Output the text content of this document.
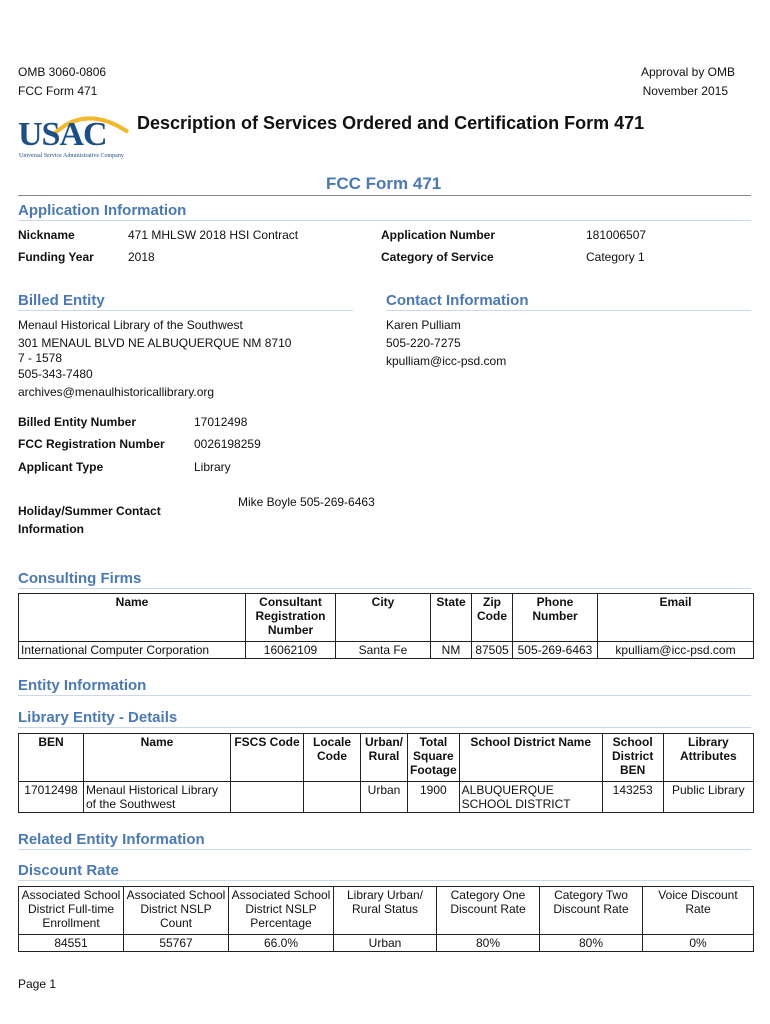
OMB 3060-0806
FCC Form 471
Approval by OMB
November 2015
USAC
Universal Service Administrative Company
Description of Services Ordered and Certification Form 471
FCC Form 471
Application Information
Nickname	471 MHLSW 2018 HSI Contract	Application Number	181006507
Funding Year	2018	Category of Service	Category 1
Billed Entity	Contact Information
Menaul Historical Library of the Southwest
301 MENAUL BLVD NE ALBUQUERQUE NM 8710
7 - 1578
505-343-7480
archives@menaulhistoricallibrary.org
Karen Pulliam
505-220-7275
kpulliam@icc-psd.com
Billed Entity Number	17012498
FCC Registration Number 0026198259
Applicant Type	Library
Holiday/Summer Contact
Information
Mike Boyle 505-269-6463
Consulting Firms
Name	Consultant Registration Number	City	State	Zip Code	Phone Number	Email
International Computer Corporation	16062109	Santa Fe	NM	87505	505-269-6463	kpulliam@icc-psd.com
Entity Information
Library Entity - Details
BEN	Name	FSCS Code	Locale Code	Urban/ Rural	Total Square Footage	School District Name	School District BEN	Library Attributes
17012498	Menaul Historical Library of the Southwest			Urban	1900	ALBUQUERQUE SCHOOL DISTRICT	143253	Public Library
Related Entity Information
Discount Rate
Associated School District Full-time Enrollment	Associated School District NSLP Count	Associated School District NSLP Percentage	Library Urban/ Rural Status	Category One Discount Rate	Category Two Discount Rate	Voice Discount Rate
84551	55767	66.0%	Urban	80%	80%	0%
Page 1
